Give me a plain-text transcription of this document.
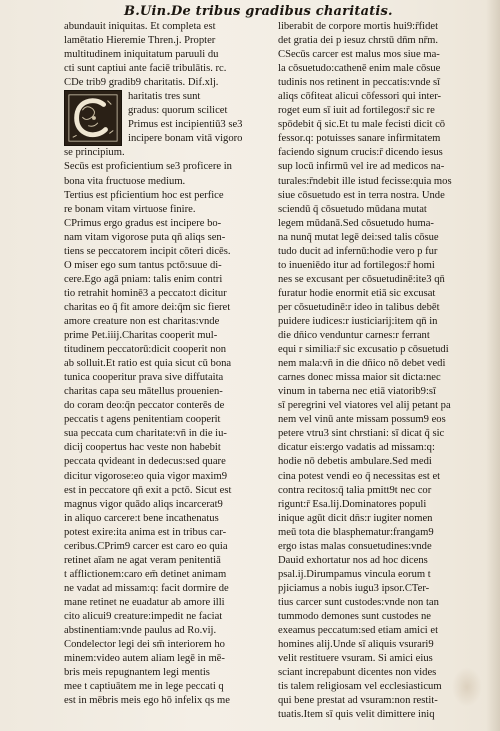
B.Uin.De tribus gradibus charitatis.
abundauit iniquitas. Et completa est
lamētatio Hieremie Thren.j. Propter
multitudinem iniquitatum paruuli du
cti sunt captiui ante faciē tribulātis. rc.
CDe trib9 gradib9 charitatis. Dif.xlj.
haritatis tres sunt
gradus: quorum scilicet
Primus est incipientiū3 se3
incipere bonam vitā vigoro
se principium.
Secūs est proficientium se3 proficere in
bona vita fructuose medium.
Tertius est pficientium hoc est perfice
re bonam vitam virtuose finire.
CPrimus ergo gradus est incipere bo-
nam vitam vigorose puta qn̄ aliqs sen-
tiens se peccatorem incipit cōteri dicēs.
O miser ego sum tantus pctō:suue di-
cere.Ego agā pniam: talis enim contri
tio retrahit hominē3 a peccato:t dicitur
charitas eo q̄ fit amore dei:q̄m sic fieret
amore creature non est charitas:vnde
prime Pet.iiij.Charitas cooperit mul-
titudinem peccatorū:dicit cooperit non
ab solluit.Et ratio est quia sicut cū bona
tunica cooperitur prava sive diffutaita
charitas capa seu mātellus prouenien-
do coram deo:q̄n peccator conterēs de
peccatis t agens penitentiam cooperit
sua peccata cum charitate:vn̄ in die iu-
dicij coopertus hac veste non habebit
peccata qvideant in dedecus:sed quare
dicitur vigorose:eo quia vigor maxim9
est in peccatore qn̄ exit a pctō. Sicut est
magnus vigor quādo aliqs incarcerat9
in aliquo carcere:t bene incathenatus
potest exire:ita anima est in tribus car-
ceribus.CPrim9 carcer est caro eo quia
retinet aīam ne agat veram penitentiā
t afflictionem:caro em̄ detinet animam
ne vadat ad missam:q: facit dormire de
mane retinet ne euadatur ab amore illi
cito alicui9 creature:impedit ne faciat
abstinentiam:vnde paulus ad Ro.vij.
Condelector legi dei sm̄ interiorem ho
minem:video autem aliam legē in mē-
bris meis repugnantem legi mentis
mee t captiuātem me in lege peccati q
est in mēbris meis ego hō infelix qs me
liberabit de corpore mortis hui9:r̄fidet
det gratia dei p iesuz chrstū dn̄m nr̄m.
CSecūs carcer est malus mos siue ma-
la cōsuetudo:cathenē enim male cōsue
tudinis nos retinent in peccatis:vnde sī
aliqs cōfiteat alicui cōfessori qui inter-
roget eum sī iuit ad fortilegos:r̄ sic re
spōdebit q̄ sic.Et tu male fecisti dicit cō
fessor.q: potuisses sanare infirmitatem
faciendo signum crucis:r̄ dicendo iesus
sup locū infirmū vel ire ad medicos na-
turales:r̄ndebit ille istud fecisse:quia mos
siue cōsuetudo est in terra nostra. Unde
sciendū q̄ cōsuetudo mūdana mutat
legem mūdanā.Sed cōsuetudo huma-
na nunq̄ mutat legē dei:sed talis cōsue
tudo ducit ad infernū:hodie vero p fur
to inueniēdo itur ad fortilegos:r̄ homi
nes se excusant per cōsuetudinē:ite3 qn̄
furatur hodie enormit etiā sic excusat
per cōsuetudinē:r ideo in talibus debēt
puidere iudices:r iusticiarij:item qn̄ in
die dn̄ico venduntur carnes:r ferrant
equi r similia:r̄ sic excusatio p cōsuetudi
nem mala:vn̄ in die dn̄ico nō debet vedi
carnes donec missa maior sit dicta:nec
vinum in taberna nec etiā viatorib9:sī
sī peregrini vel viatores vel alij petant pa
nem vel vinū ante missam possum9 eos
petere vtru3 sint chrstiani: sī dicat q̄ sic
dicatur eis:ergo vadatis ad missam:q:
hodie nō debetis ambulare.Sed medi
cina potest vendi eo q̄ necessitas est et
contra recitos:q̄ talia pmitt9t nec cor
rigunt:r̄ Esa.lij.Dominatores populi
inique agūt dicit dn̄s:r iugiter nomen
meū tota die blasphematur:frangam9
ergo istas malas consuetudines:vnde
Dauid exhortatur nos ad hoc dicens
psal.ij.Dirumpamus vincula eorum t
pjiciamus a nobis iugu3 ipsor.CTer-
tius carcer sunt custodes:vnde non tan
tummodo demones sunt custodes ne
exeamus peccatum:sed etiam amici et
homines alij.Unde sī aliquis vsurari9
velit restituere vsuram. Si amici eius
sciant increpabunt dicentes non vides
tis talem religiosam vel ecclesiasticum
qui bene prestat ad vsuram:non restit-
tuatis.Item sī quis velit dimittere iniq
